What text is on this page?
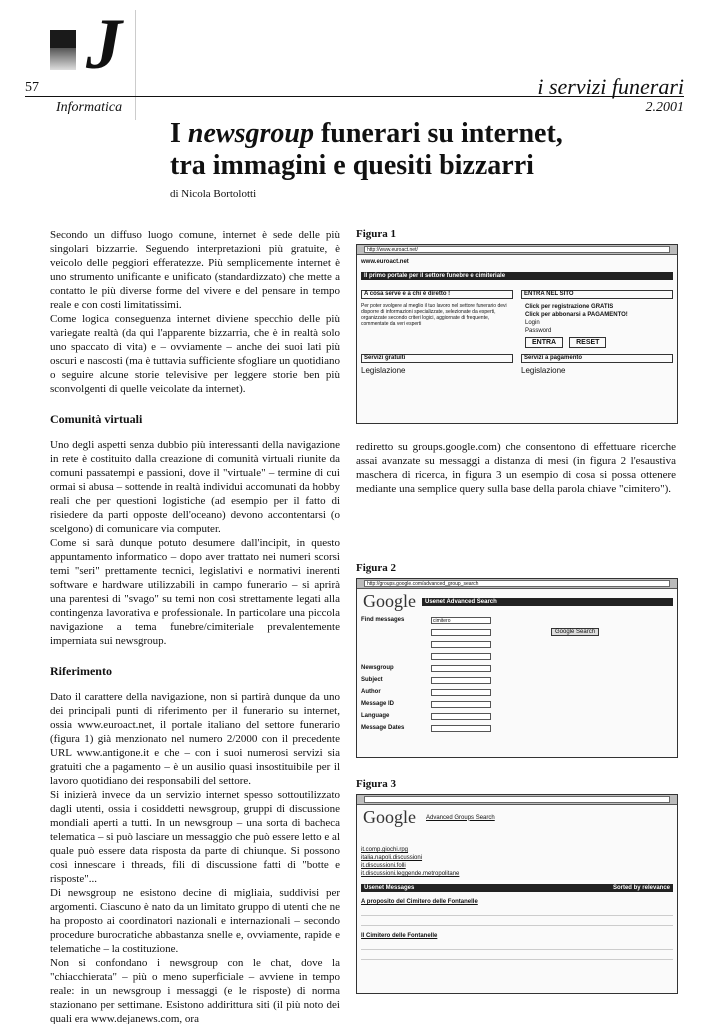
J
57
Informatica
i servizi funerari
2.2001
I newsgroup funerari su internet,
tra immagini e quesiti bizzarri
di Nicola Bortolotti

Secondo un diffuso luogo comune, internet è sede delle più singolari bizzarrie. Seguendo interpretazioni più gratuite, è veicolo delle peggiori efferatezze. Più semplicemente internet è uno strumento unificante e unificato (standardizzato) che mette a contatto le più diverse forme del vivere e del pensare in tempo reale e con costi limitatissimi.

Come logica conseguenza internet diviene specchio delle più variegate realtà (da qui l'apparente bizzarria, che è in realtà solo uno spaccato di vita) e – ovviamente – anche dei suoi lati più oscuri e nascosti (ma è tuttavia sufficiente sfogliare un quotidiano o seguire alcune storie televisive per leggere storie ben più sconvolgenti di quelle veicolate da internet).

Comunità virtuali

Uno degli aspetti senza dubbio più interessanti della navigazione in rete è costituito dalla creazione di comunità virtuali riunite da comuni passatempi e passioni, dove il "virtuale" – termine di cui ormai si abusa – sottende in realtà individui accomunati da hobby reali che per questioni logistiche (ad esempio per il fatto di risiedere da parti opposte dell'oceano) devono accontentarsi (o scelgono) di comunicare via computer.

Come si sarà dunque potuto desumere dall'incipit, in questo appuntamento informatico – dopo aver trattato nei numeri scorsi temi "seri" prettamente tecnici, legislativi e normativi inerenti software e hardware utilizzabili in campo funerario – si aprirà una parentesi di "svago" su temi non così strettamente legati alla contingenza lavorativa e professionale. In particolare una piccola navigazione a tema funebre/cimiteriale prevalentemente imperniata sui newsgroup.

Riferimento

Dato il carattere della navigazione, non si partirà dunque da uno dei principali punti di riferimento per il funerario su internet, ossia www.euroact.net, il portale italiano del settore funerario (figura 1) già menzionato nel numero 2/2000 con il precedente URL www.antigone.it e che – con i suoi numerosi servizi sia gratuiti che a pagamento – è un ausilio quasi insostituibile per il lavoro quotidiano dei responsabili del settore.

Si inizierà invece da un servizio internet spesso sottoutilizzato dagli utenti, ossia i cosiddetti newsgroup, gruppi di discussione mondiali aperti a tutti. In un newsgroup – una sorta di bacheca telematica – si può lasciare un messaggio che può essere letto e al quale può essere data risposta da parte di chiunque. Si possono così innescare i threads, fili di discussione fatti di "botte e risposte"...

Di newsgroup ne esistono decine di migliaia, suddivisi per argomenti. Ciascuno è nato da un limitato gruppo di utenti che ne ha proposto ai coordinatori nazionali e internazionali – secondo procedure burocratiche abbastanza snelle e, ovviamente, rapide e telematiche – la costituzione.

Non si confondano i newsgroup con le chat, dove la "chiacchierata" – più o meno superficiale – avviene in tempo reale: in un newsgroup i messaggi (e le risposte) di norma stazionano per settimane. Esistono addirittura siti (il più noto dei quali era www.dejanews.com, ora

Figura 1
http://www.euroact.net/
www.euroact.net
Il primo portale per il settore funebre e cimiteriale
A cosa serve e a chi è diretto !	ENTRA NEL SITO
Per poter svolgere al meglio il tuo lavoro nel settore funerario devi disporre di informazioni specializzate, selezionate da esperti, organizzate secondo criteri logici, aggiornate di frequente, commentate da veri esperti
Click per registrazione GRATIS
Click per abbonarsi a PAGAMENTO!
Login
Password
ENTRA	RESET
Servizi gratuiti	Servizi a pagamento
Legislazione	Legislazione

rediretto su groups.google.com) che consentono di effettuare ricerche assai avanzate su messaggi a distanza di mesi (in figura 2 l'esaustiva maschera di ricerca, in figura 3 un esempio di cosa si possa ottenere mediante una semplice query sulla base della parola chiave "cimitero").

Figura 2
http://groups.google.com/advanced_group_search
Google	Usenet Advanced Search
Find messages	cimitero
Google Search
Newsgroup
Subject
Author
Message ID
Language
Message Dates
Figura 3
Google	Advanced Groups Search
it.comp.giochi.rpg
italia.napoli.discussioni
it.discussioni.folli
it.discussioni.leggende.metropolitane
Usenet Messages	Sorted by relevance
A proposito del Cimitero delle Fontanelle
Il Cimitero delle Fontanelle
